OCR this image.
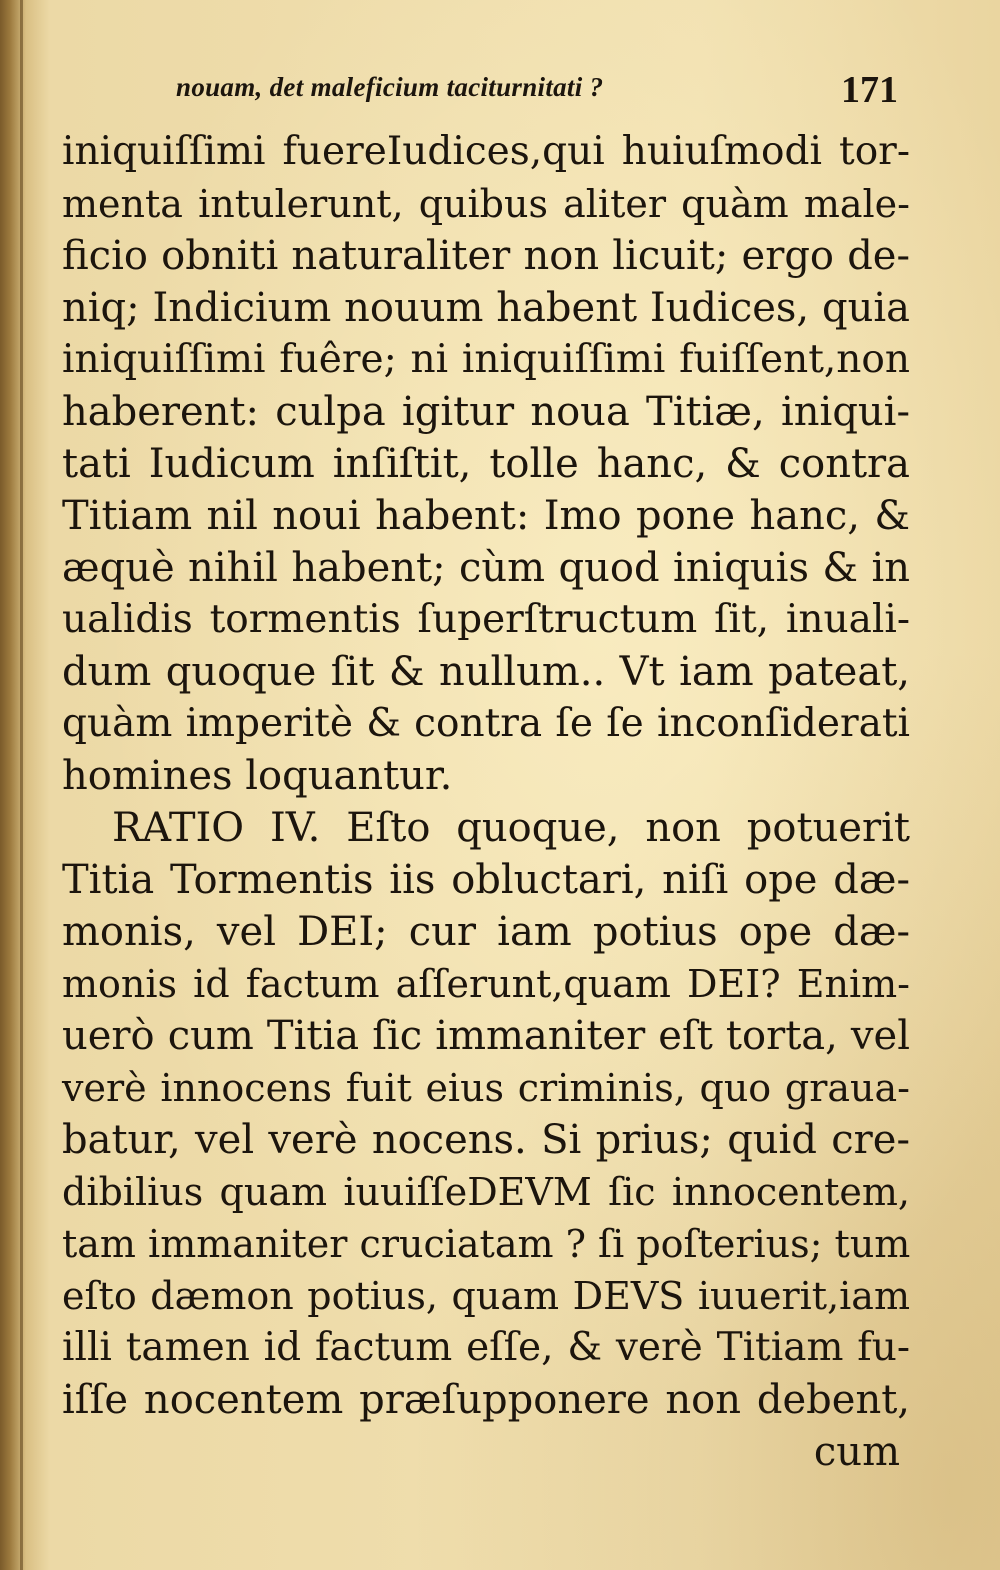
nouam, det maleficium taciturnitati ?	171
iniquiſſimi fuereIudices,qui huiuſmodi tor-
menta intulerunt, quibus aliter quàm male-
ficio obniti naturaliter non licuit; ergo de-
niq; Indicium nouum habent Iudices, quia
iniquiſſimi fuêre; ni iniquiſſimi fuiſſent,non
haberent: culpa igitur noua Titiæ, iniqui-
tati Iudicum inſiſtit, tolle hanc, & contra
Titiam nil noui habent: Imo pone hanc, &
æquè nihil habent; cùm quod iniquis & in
ualidis tormentis ſuperſtructum ſit, inuali-
dum quoque ſit & nullum.. Vt iam pateat,
quàm imperitè & contra ſe ſe inconſiderati
homines loquantur.
RATIO IV. Eſto quoque, non potuerit
Titia Tormentis iis obluctari, niſi ope dæ-
monis, vel DEI; cur iam potius ope dæ-
monis id factum aſſerunt,quam DEI? Enim-
uerò cum Titia ſic immaniter eſt torta, vel
verè innocens fuit eius criminis, quo graua-
batur, vel verè nocens. Si prius; quid cre-
dibilius quam iuuiſſeDEVM ſic innocentem,
tam immaniter cruciatam ? ſi poſterius; tum
eſto dæmon potius, quam DEVS iuuerit,iam
illi tamen id factum eſſe, & verè Titiam fu-
iſſe nocentem præſupponere non debent,
cum
